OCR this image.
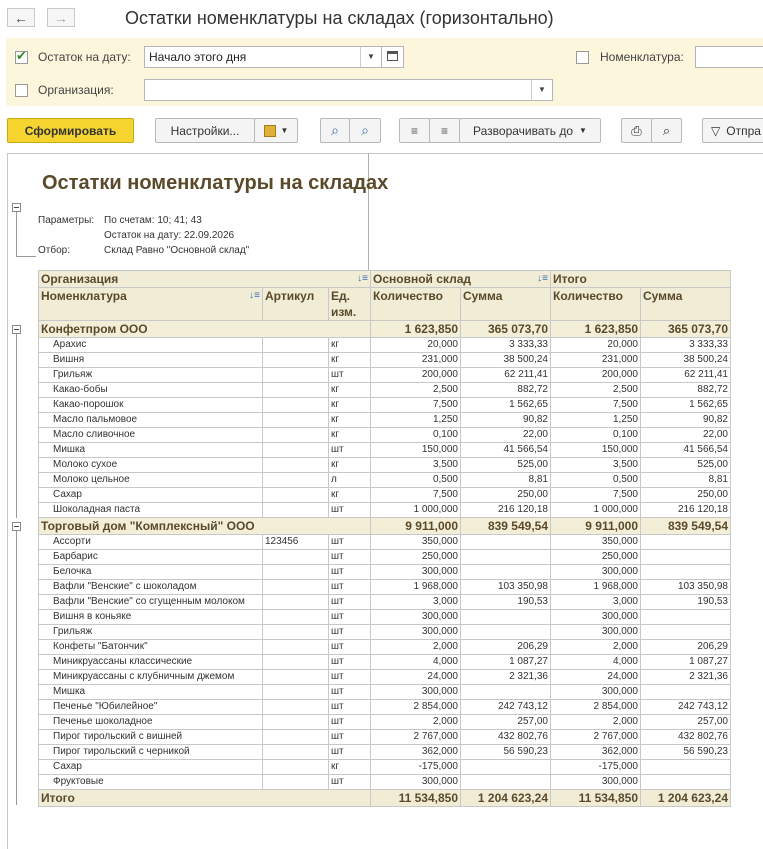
← →	Остатки номенклатуры на складах (горизонтально)
✔
Остаток на дату:	Начало этого дня	▼	Номенклатура:
Организация:	▼
Сформировать	Настройки...	▼	⌕ ⌕	≡ ≡ Разворачивать до ▼	⎙ ⌕	▽ Отпра
Остатки номенклатуры на складах
Параметры: По счетам: 10; 41; 43
Остаток на дату: 22.09.2026
Отбор:	Склад Равно "Основной склад"
Организация ↓≡			Основной склад ↓≡		Итого	
Номенклатура ↓≡	Артикул	Ед. изм.	Количество	Сумма	Количество	Сумма
Конфетпром ООО			1 623,850	365 073,70	1 623,850	365 073,70
Арахис		кг	20,000	3 333,33	20,000	3 333,33
Вишня		кг	231,000	38 500,24	231,000	38 500,24
Грильяж		шт	200,000	62 211,41	200,000	62 211,41
Какао-бобы		кг	2,500	882,72	2,500	882,72
Какао-порошок		кг	7,500	1 562,65	7,500	1 562,65
Масло пальмовое		кг	1,250	90,82	1,250	90,82
Масло сливочное		кг	0,100	22,00	0,100	22,00
Мишка		шт	150,000	41 566,54	150,000	41 566,54
Молоко сухое		кг	3,500	525,00	3,500	525,00
Молоко цельное		л	0,500	8,81	0,500	8,81
Сахар		кг	7,500	250,00	7,500	250,00
Шоколадная паста		шт	1 000,000	216 120,18	1 000,000	216 120,18
Торговый дом "Комплексный" ООО			9 911,000	839 549,54	9 911,000	839 549,54
Ассорти	123456	шт	350,000		350,000	
Барбарис		шт	250,000		250,000	
Белочка		шт	300,000		300,000	
Вафли "Венские" с шоколадом		шт	1 968,000	103 350,98	1 968,000	103 350,98
Вафли "Венские" со сгущенным молоком		шт	3,000	190,53	3,000	190,53
Вишня в коньяке		шт	300,000		300,000	
Грильяж		шт	300,000		300,000	
Конфеты "Батончик"		шт	2,000	206,29	2,000	206,29
Миникруассаны классические		шт	4,000	1 087,27	4,000	1 087,27
Миникруассаны с клубничным джемом		шт	24,000	2 321,36	24,000	2 321,36
Мишка		шт	300,000		300,000	
Печенье "Юбилейное"		шт	2 854,000	242 743,12	2 854,000	242 743,12
Печенье шоколадное		шт	2,000	257,00	2,000	257,00
Пирог тирольский с вишней		шт	2 767,000	432 802,76	2 767,000	432 802,76
Пирог тирольский с черникой		шт	362,000	56 590,23	362,000	56 590,23
Сахар		кг	-175,000		-175,000	
Фруктовые		шт	300,000		300,000	
Итого			11 534,850	1 204 623,24	11 534,850	1 204 623,24
